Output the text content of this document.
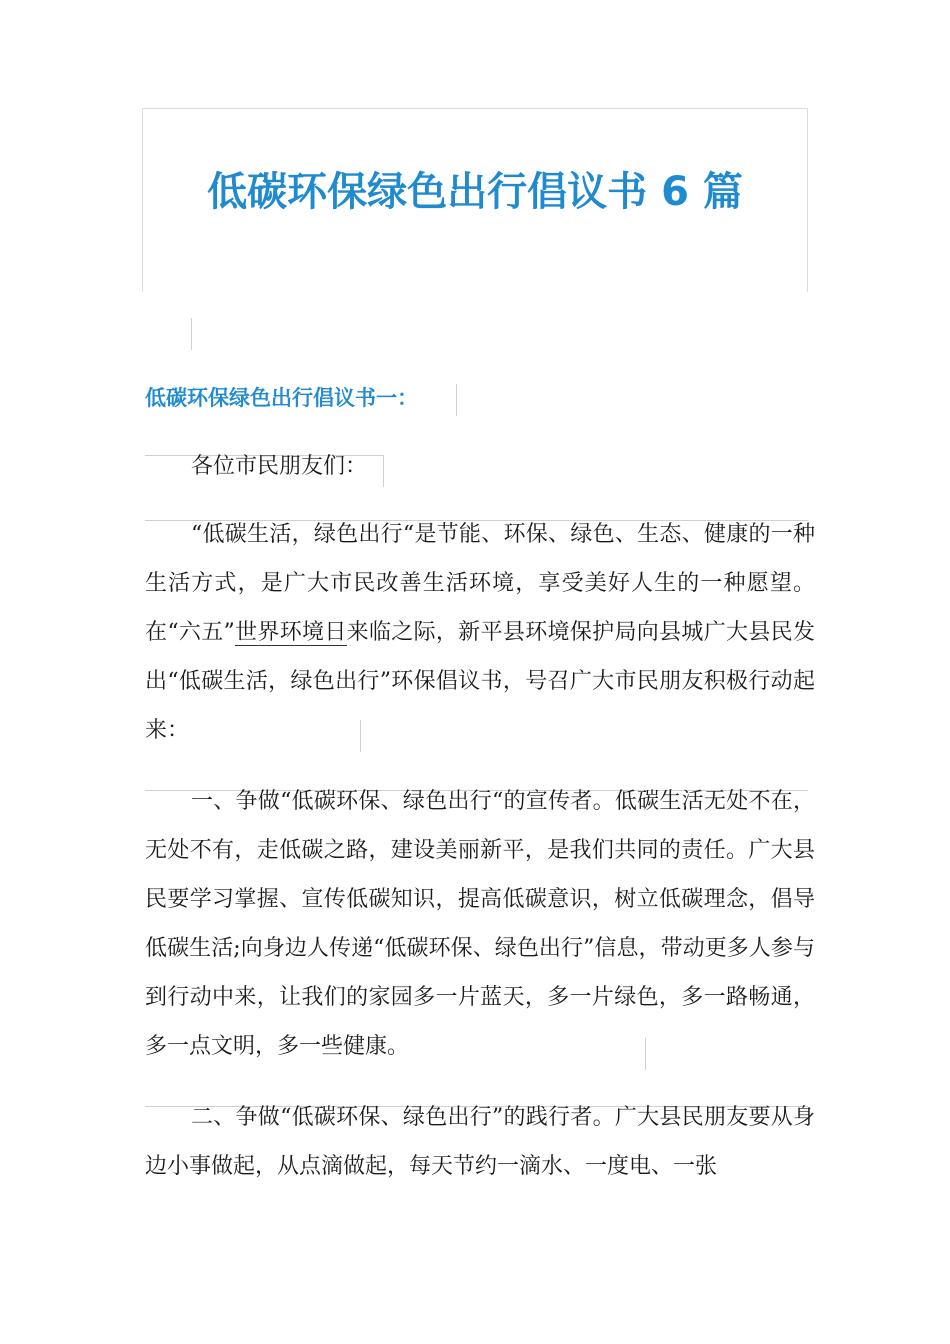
低碳环保绿色出行倡议书 6 篇
低碳环保绿色出行倡议书一：

各位市民朋友们：

“低碳生活，绿色出行“是节能、环保、绿色、生态、健康的一种生活方式，是广大市民改善生活环境，享受美好人生的一种愿望。在“六五”世界环境日来临之际，新平县环境保护局向县城广大县民发出“低碳生活，绿色出行”环保倡议书，号召广大市民朋友积极行动起来：

一、争做“低碳环保、绿色出行“的宣传者。低碳生活无处不在，无处不有，走低碳之路，建设美丽新平，是我们共同的责任。广大县民要学习掌握、宣传低碳知识，提高低碳意识，树立低碳理念，倡导低碳生活;向身边人传递“低碳环保、绿色出行”信息，带动更多人参与到行动中来，让我们的家园多一片蓝天，多一片绿色，多一路畅通，多一点文明，多一些健康。

二、争做“低碳环保、绿色出行”的践行者。广大县民朋友要从身边小事做起，从点滴做起，每天节约一滴水、一度电、一张
